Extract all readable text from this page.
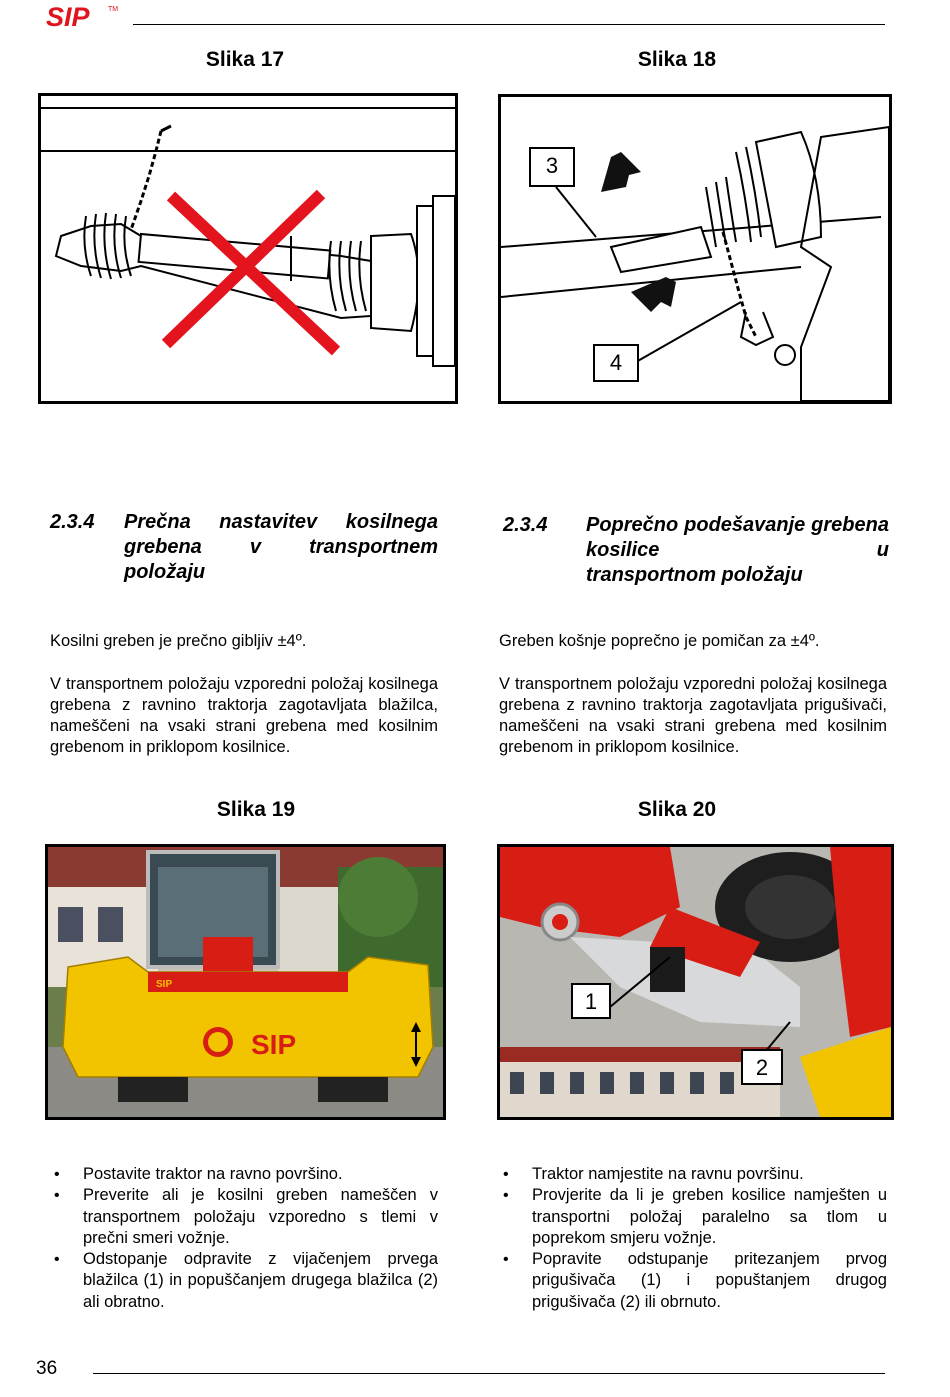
SIP	TM
Slika 17	Slika 18
3
4
2.3.4 Prečna nastavitev kosilnega grebena v transportnem
položaju
2.3.4 Poprečno podešavanje grebena kosilice u
transportnom položaju
Kosilni greben je prečno gibljiv ±4º.
V transportnem položaju vzporedni položaj kosilnega grebena z ravnino traktorja zagotavljata blažilca, nameščeni na vsaki strani grebena med kosilnim grebenom in priklopom kosilnice.
Greben košnje poprečno je pomičan za ±4º.
V transportnem položaju vzporedni položaj kosilnega grebena z ravnino traktorja zagotavljata prigušivači, nameščeni na vsaki strani grebena med kosilnim grebenom in priklopom kosilnice.
Slika 19	Slika 20
SIP
SIP
1
2
• Postavite traktor na ravno površino.
• Preverite ali je kosilni greben nameščen v transportnem položaju vzporedno s tlemi v prečni smeri vožnje.
• Odstopanje odpravite z vijačenjem prvega blažilca (1) in popuščanjem drugega blažilca (2) ali obratno.
• Traktor namjestite na ravnu površinu.
• Provjerite da li je greben kosilice namješten u transportni položaj paralelno sa tlom u poprekom smjeru vožnje.
• Popravite odstupanje pritezanjem prvog prigušivača (1) i popuštanjem drugog prigušivača (2) ili obrnuto.
36
